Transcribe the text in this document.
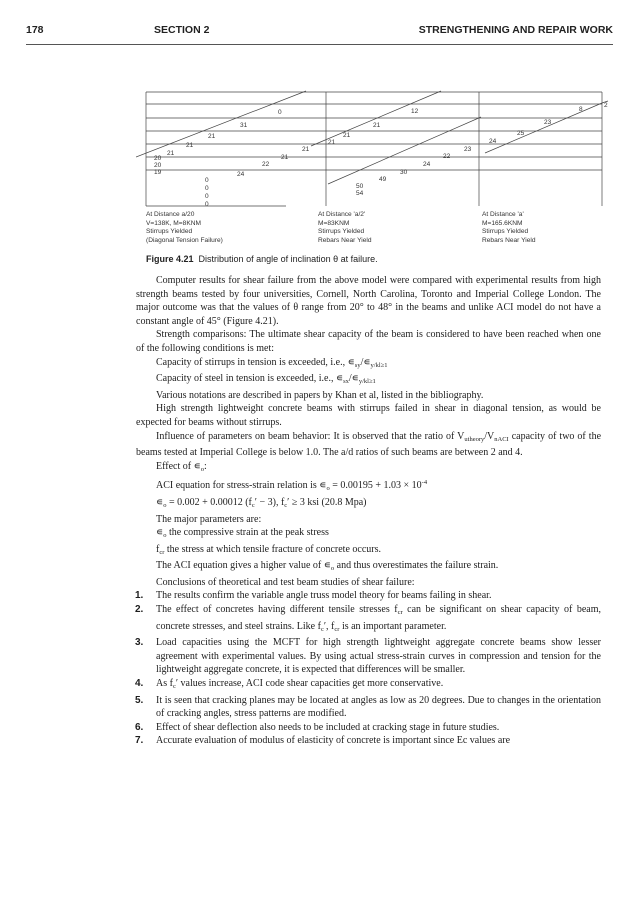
178	SECTION 2	STRENGTHENING AND REPAIR WORK
0
31
21
21
21
20
20
19	24
22
21
21
0
0
0
0
12
21
21
21
23
22
24
30
49
50
54
2
8
23
25
24
At Distance a/20
V=138K, M=8KNM
Stirrups Yielded
(Diagonal Tension Failure)
At Distance 'a/2'
M=83KNM
Stirrups Yielded
Rebars Near Yield
At Distance 'a'
M=165.6KNM
Stirrups Yielded
Rebars Near Yield
Figure 4.21 Distribution of angle of inclination θ at failure.

Computer results for shear failure from the above model were compared with experimental results from high strength beams tested by four universities, Cornell, North Carolina, Toronto and Imperial College London. The major outcome was that the values of θ range from 20° to 48° in the beams and unlike ACI model do not have a constant angle of 45° (Figure 4.21).

Strength comparisons: The ultimate shear capacity of the beam is considered to have been reached when one of the following conditions is met:

Capacity of stirrups in tension is exceeded, i.e., $∊_{sy}/∊_{y/kl\ge 1}$

Capacity of steel in tension is exceeded, i.e., $∊_{sx}/∊_{y/kl\ge 1}$

Various notations are described in papers by Khan et al, listed in the bibliography.

High strength lightweight concrete beams with stirrups failed in shear in diagonal tension, as would be expected for beams without stirrups.

Influence of parameters on beam behavior: It is observed that the ratio of $V_{utheory}/V_{nACI}$ capacity of two of the beams tested at Imperial College is below 1.0. The a/d ratios of such beams are between 2 and 4.

Effect of $∊_o$:

ACI equation for stress-strain relation is $∊_o = 0.00195 + 1.03 \times 10^{-4}$

$∊_o = 0.002 + 0.00012$ $(f_c' - 3)$, $f_c' \ge 3$ ksi (20.8 Mpa)

The major parameters are:

$∊_o$ the compressive strain at the peak stress

$f_{cr}$ the stress at which tensile fracture of concrete occurs.

The ACI equation gives a higher value of $∊_o$ and thus overestimates the failure strain.

Conclusions of theoretical and test beam studies of shear failure:

1. The results confirm the variable angle truss model theory for beams failing in shear.
2. The effect of concretes having different tensile stresses $f_{cr}$ can be significant on shear capacity of beam, concrete stresses, and steel strains. Like $f_c'$, $f_{cr}$ is an important parameter.
3. Load capacities using the MCFT for high strength lightweight aggregate concrete beams show lesser agreement with experimental values. By using actual stress-strain curves in compression and tension for the lightweight aggregate concrete, it is expected that differences will be smaller.
4. As $f_c'$ values increase, ACI code shear capacities get more conservative.
5. It is seen that cracking planes may be located at angles as low as 20 degrees. Due to changes in the orientation of cracking angles, stress patterns are modified.
6. Effect of shear deflection also needs to be included at cracking stage in future studies.
7. Accurate evaluation of modulus of elasticity of concrete is important since Ec values are
